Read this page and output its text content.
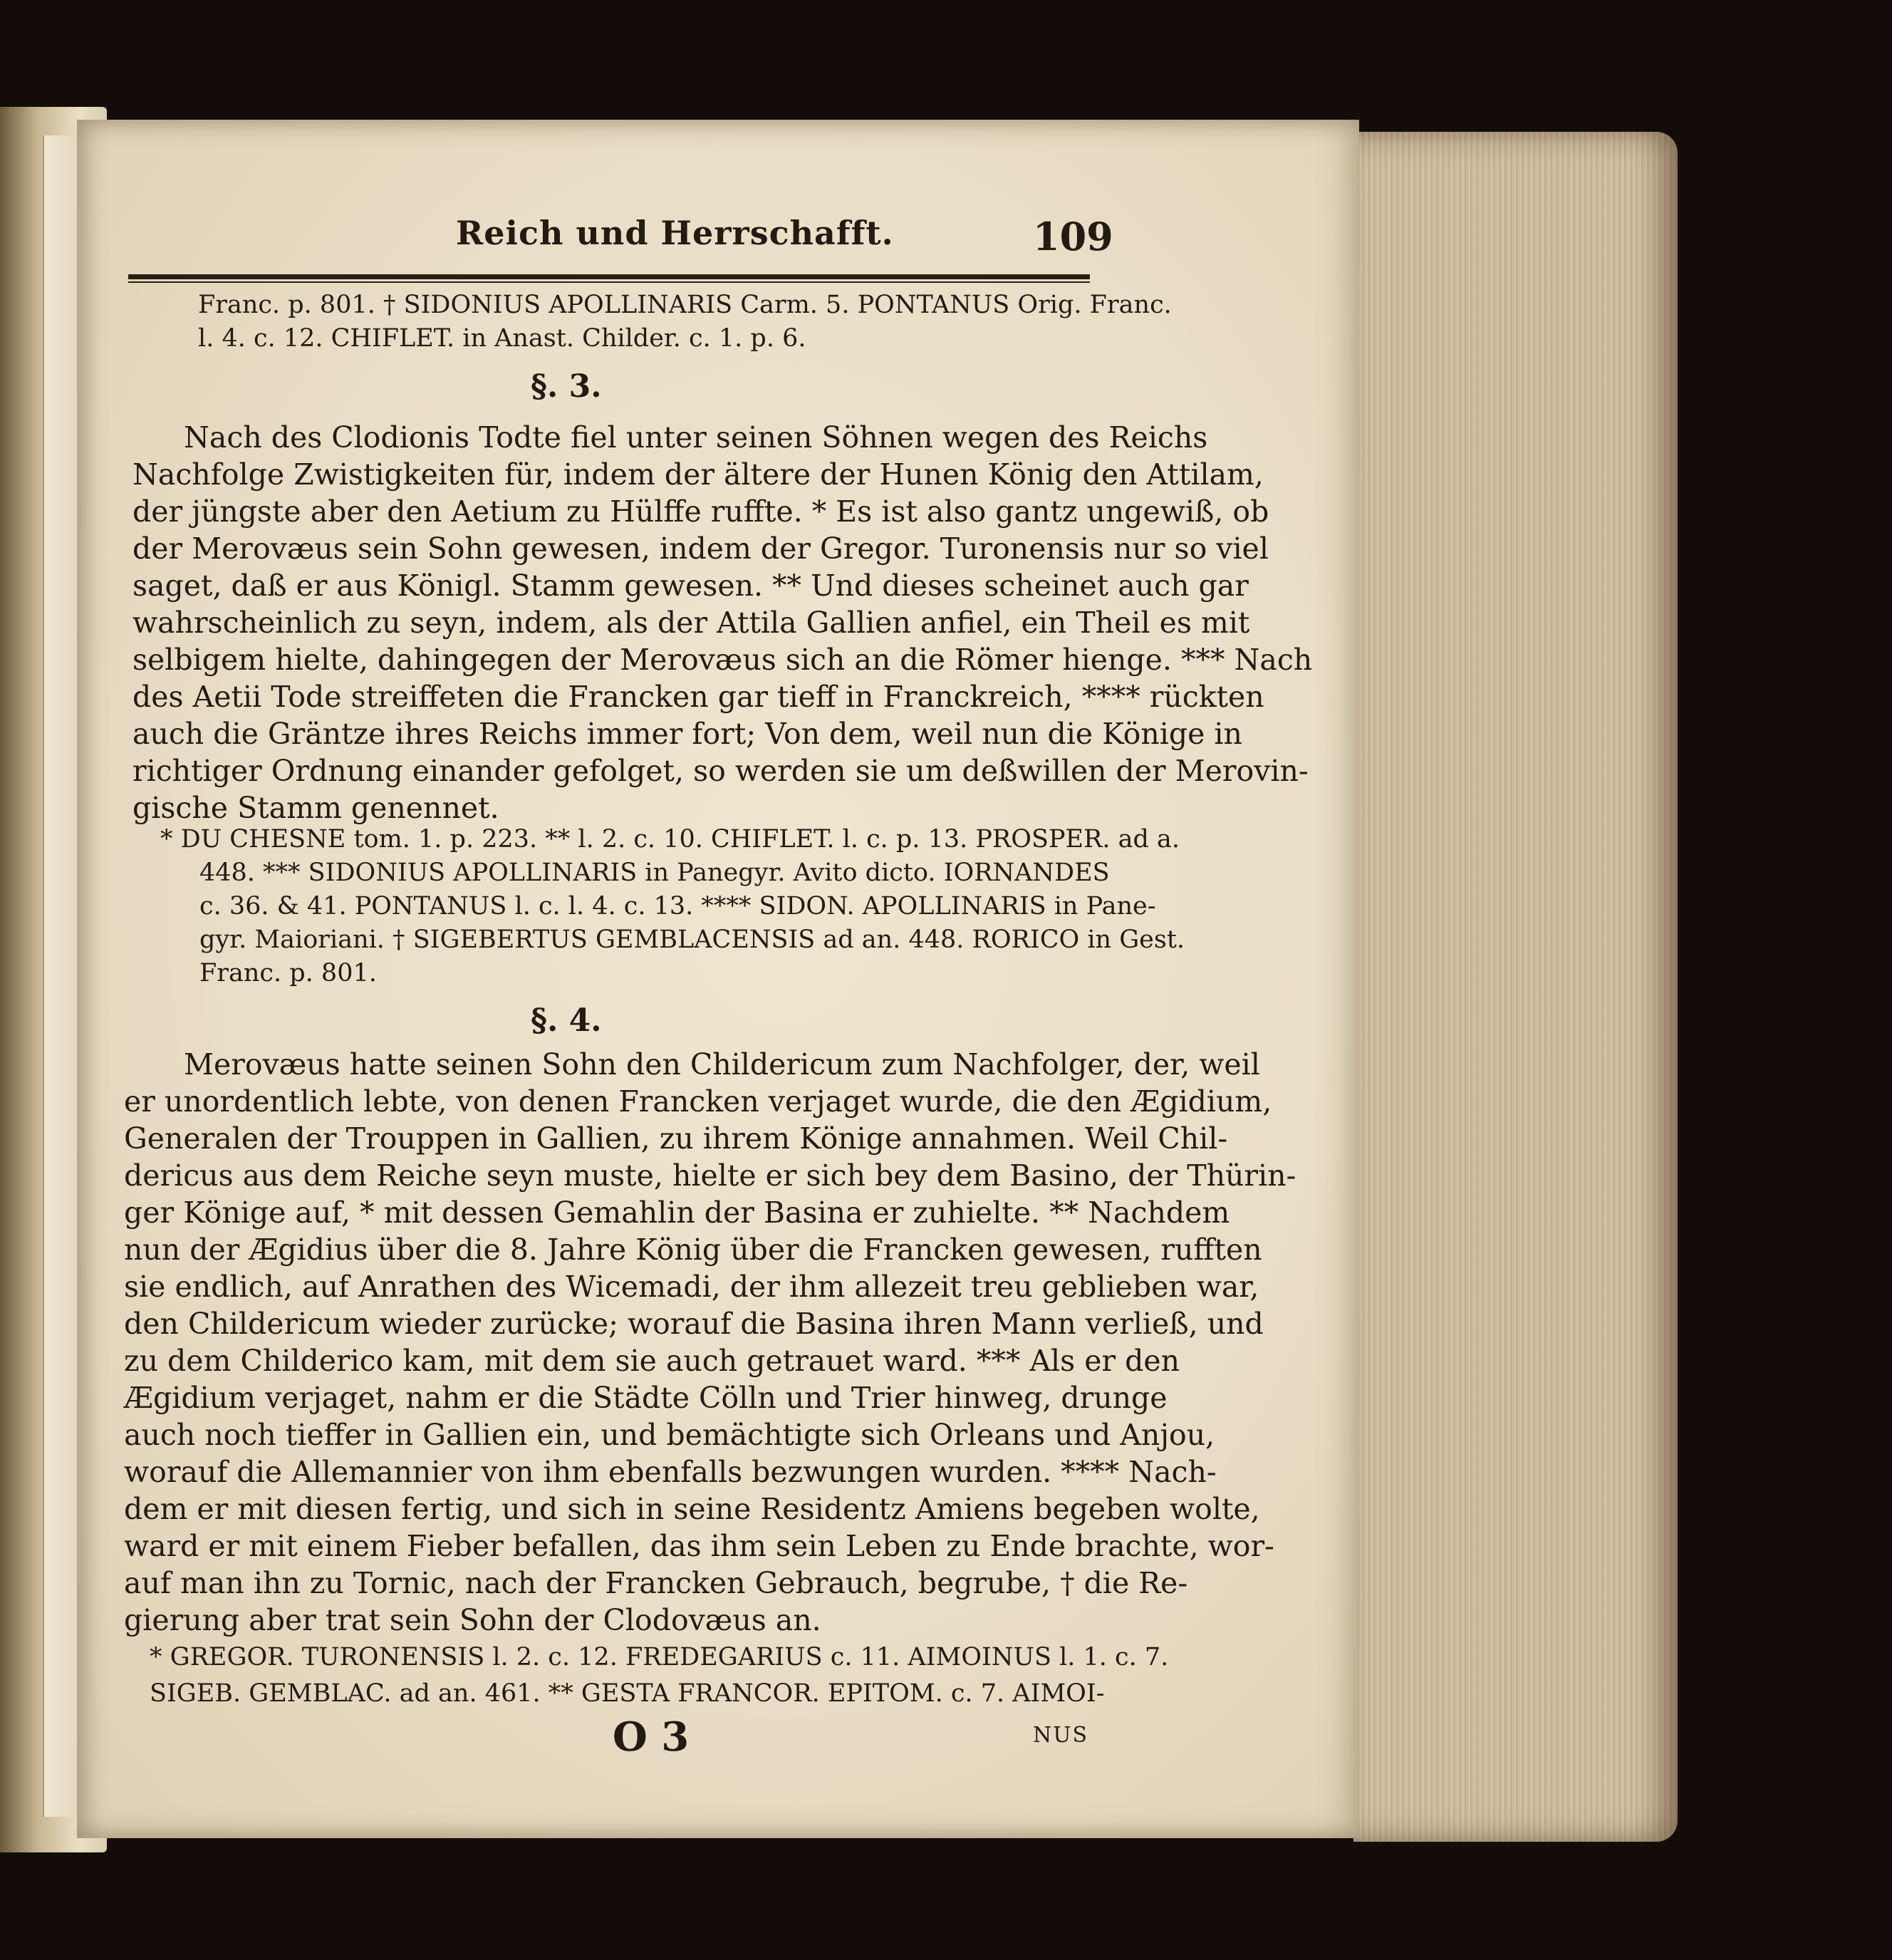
Reich und Herrschafft.	109
Franc. p. 801. † SIDONIUS APOLLINARIS Carm. 5. PONTANUS Orig. Franc.
l. 4. c. 12. CHIFLET. in Anast. Childer. c. 1. p. 6.
§. 3.
Nach des Clodionis Todte fiel unter seinen Söhnen wegen des Reichs
Nachfolge Zwistigkeiten für, indem der ältere der Hunen König den Attilam,
der jüngste aber den Aetium zu Hülffe ruffte. * Es ist also gantz ungewiß, ob
der Merovæus sein Sohn gewesen, indem der Gregor. Turonensis nur so viel
saget, daß er aus Königl. Stamm gewesen. ** Und dieses scheinet auch gar
wahrscheinlich zu seyn, indem, als der Attila Gallien anfiel, ein Theil es mit
selbigem hielte, dahingegen der Merovæus sich an die Römer hienge. *** Nach
des Aetii Tode streiffeten die Francken gar tieff in Franckreich, **** rückten
auch die Gräntze ihres Reichs immer fort; Von dem, weil nun die Könige in
richtiger Ordnung einander gefolget, so werden sie um deßwillen der Merovin-
gische Stamm genennet.
* DU CHESNE tom. 1. p. 223. ** l. 2. c. 10. CHIFLET. l. c. p. 13. PROSPER. ad a.
448. *** SIDONIUS APOLLINARIS in Panegyr. Avito dicto. IORNANDES
c. 36. & 41. PONTANUS l. c. l. 4. c. 13. **** SIDON. APOLLINARIS in Pane-
gyr. Maioriani. † SIGEBERTUS GEMBLACENSIS ad an. 448. RORICO in Gest.
Franc. p. 801.
§. 4.
Merovæus hatte seinen Sohn den Childericum zum Nachfolger, der, weil
er unordentlich lebte, von denen Francken verjaget wurde, die den Ægidium,
Generalen der Trouppen in Gallien, zu ihrem Könige annahmen. Weil Chil-
dericus aus dem Reiche seyn muste, hielte er sich bey dem Basino, der Thürin-
ger Könige auf, * mit dessen Gemahlin der Basina er zuhielte. ** Nachdem
nun der Ægidius über die 8. Jahre König über die Francken gewesen, rufften
sie endlich, auf Anrathen des Wicemadi, der ihm allezeit treu geblieben war,
den Childericum wieder zurücke; worauf die Basina ihren Mann verließ, und
zu dem Childerico kam, mit dem sie auch getrauet ward. *** Als er den
Ægidium verjaget, nahm er die Städte Cölln und Trier hinweg, drunge
auch noch tieffer in Gallien ein, und bemächtigte sich Orleans und Anjou,
worauf die Allemannier von ihm ebenfalls bezwungen wurden. **** Nach-
dem er mit diesen fertig, und sich in seine Residentz Amiens begeben wolte,
ward er mit einem Fieber befallen, das ihm sein Leben zu Ende brachte, wor-
auf man ihn zu Tornic, nach der Francken Gebrauch, begrube, † die Re-
gierung aber trat sein Sohn der Clodovæus an.
* GREGOR. TURONENSIS l. 2. c. 12. FREDEGARIUS c. 11. AIMOINUS l. 1. c. 7.
SIGEB. GEMBLAC. ad an. 461. ** GESTA FRANCOR. EPITOM. c. 7. AIMOI-
O 3	NUS
